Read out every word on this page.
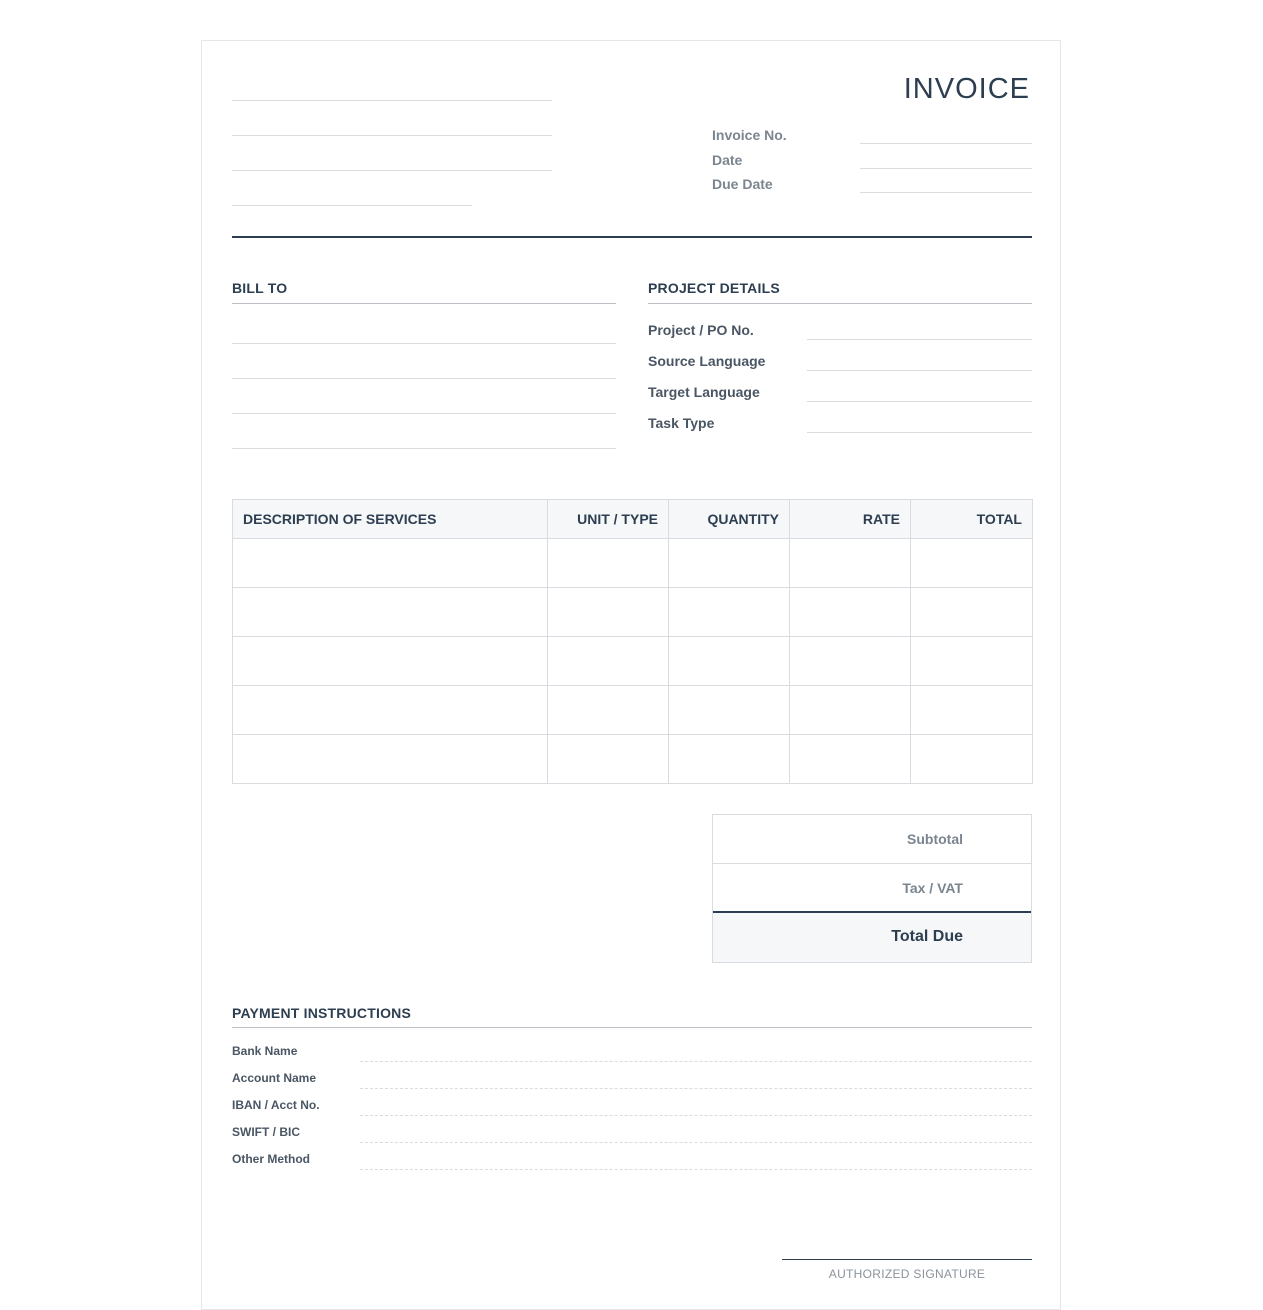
INVOICE
Invoice No.
Date
Due Date
BILL TO	PROJECT DETAILS
Project / PO No.
Source Language
Target Language
Task Type
DESCRIPTION OF SERVICES	UNIT / TYPE	QUANTITY	RATE	TOTAL

Subtotal
Tax / VAT
Total Due
PAYMENT INSTRUCTIONS
Bank Name
Account Name
IBAN / Acct No.
SWIFT / BIC
Other Method
AUTHORIZED SIGNATURE
